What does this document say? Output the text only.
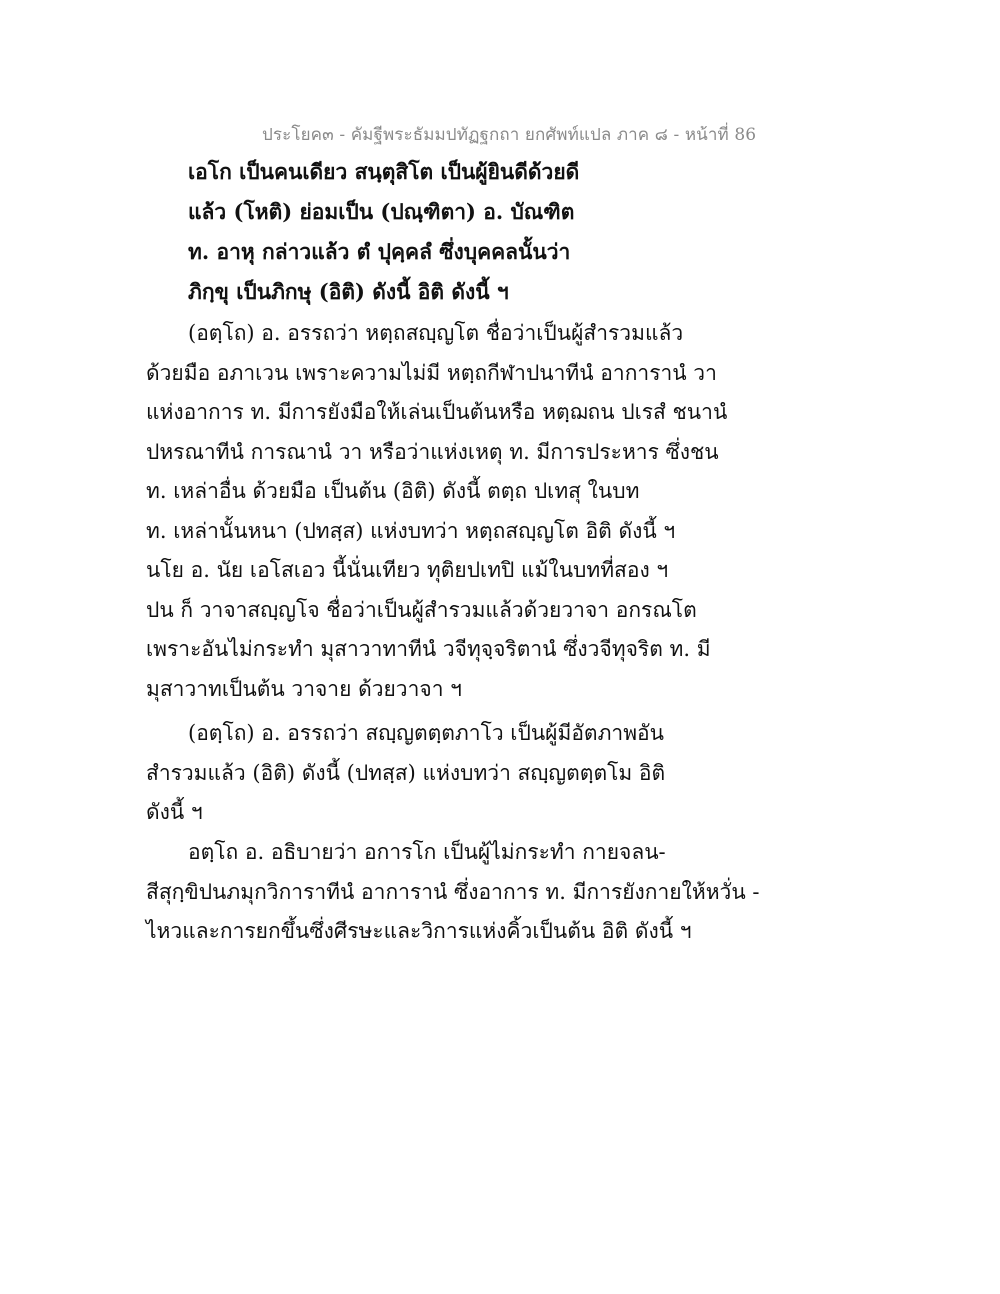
ประโยค๓ - คัมฐีพระธัมมปทัฏฐกถา ยกศัพท์แปล ภาค ๘ - หน้าที่ 86
เอโก เป็นคนเดียว สนฺตุสิโต เป็นผู้ยินดีด้วยดี
แล้ว (โหติ) ย่อมเป็น (ปณฺฑิตา) อ. บัณฑิต
ท. อาหุ กล่าวแล้ว ตํ ปุคฺคลํ ซึ่งบุคคลนั้นว่า
ภิกฺขุ เป็นภิกษุ (อิติ) ดังนี้ อิติ ดังนี้ ฯ
(อตฺโถ) อ. อรรถว่า หตฺถสญฺญโต ชื่อว่าเป็นผู้สำรวมแล้ว
ด้วยมือ อภาเวน เพราะความไม่มี หตฺถกีฬาปนาทีนํ อาการานํ วา
แห่งอาการ ท. มีการยังมือให้เล่นเป็นต้นหรือ หตฺฌถน ปเรสํ ชนานํ
ปหรณาทีนํ การณานํ วา หรือว่าแห่งเหตุ ท. มีการประหาร ซึ่งชน
ท. เหล่าอื่น ด้วยมือ เป็นต้น (อิติ) ดังนี้ ตตฺถ ปเทสุ ในบท
ท. เหล่านั้นหนา (ปทสฺส) แห่งบทว่า หตฺถสญฺญโต อิติ ดังนี้ ฯ
นโย อ. นัย เอโสเอว นี้นั่นเทียว ทุติยปเทปิ แม้ในบทที่สอง ฯ
ปน ก็ วาจาสญฺญโจ ชื่อว่าเป็นผู้สำรวมแล้วด้วยวาจา อกรณโต
เพราะอันไม่กระทำ มุสาวาทาทีนํ วจีทุจฺจริตานํ ซึ่งวจีทุจริต ท. มี
มุสาวาทเป็นต้น วาจาย ด้วยวาจา ฯ
(อตฺโถ) อ. อรรถว่า สญฺญตตฺตภาโว เป็นผู้มีอัตภาพอัน
สำรวมแล้ว (อิติ) ดังนี้ (ปทสฺส) แห่งบทว่า สญฺญตตฺตโม อิติ
ดังนี้ ฯ
อตฺโถ อ. อธิบายว่า อการโก เป็นผู้ไม่กระทำ กายจลน-
สีสุกฺขิปนภมุกวิการาทีนํ อาการานํ ซึ่งอาการ ท. มีการยังกายให้หวั่น -
ไหวและการยกขึ้นซึ่งศีรษะและวิการแห่งคิ้วเป็นต้น อิติ ดังนี้ ฯ
